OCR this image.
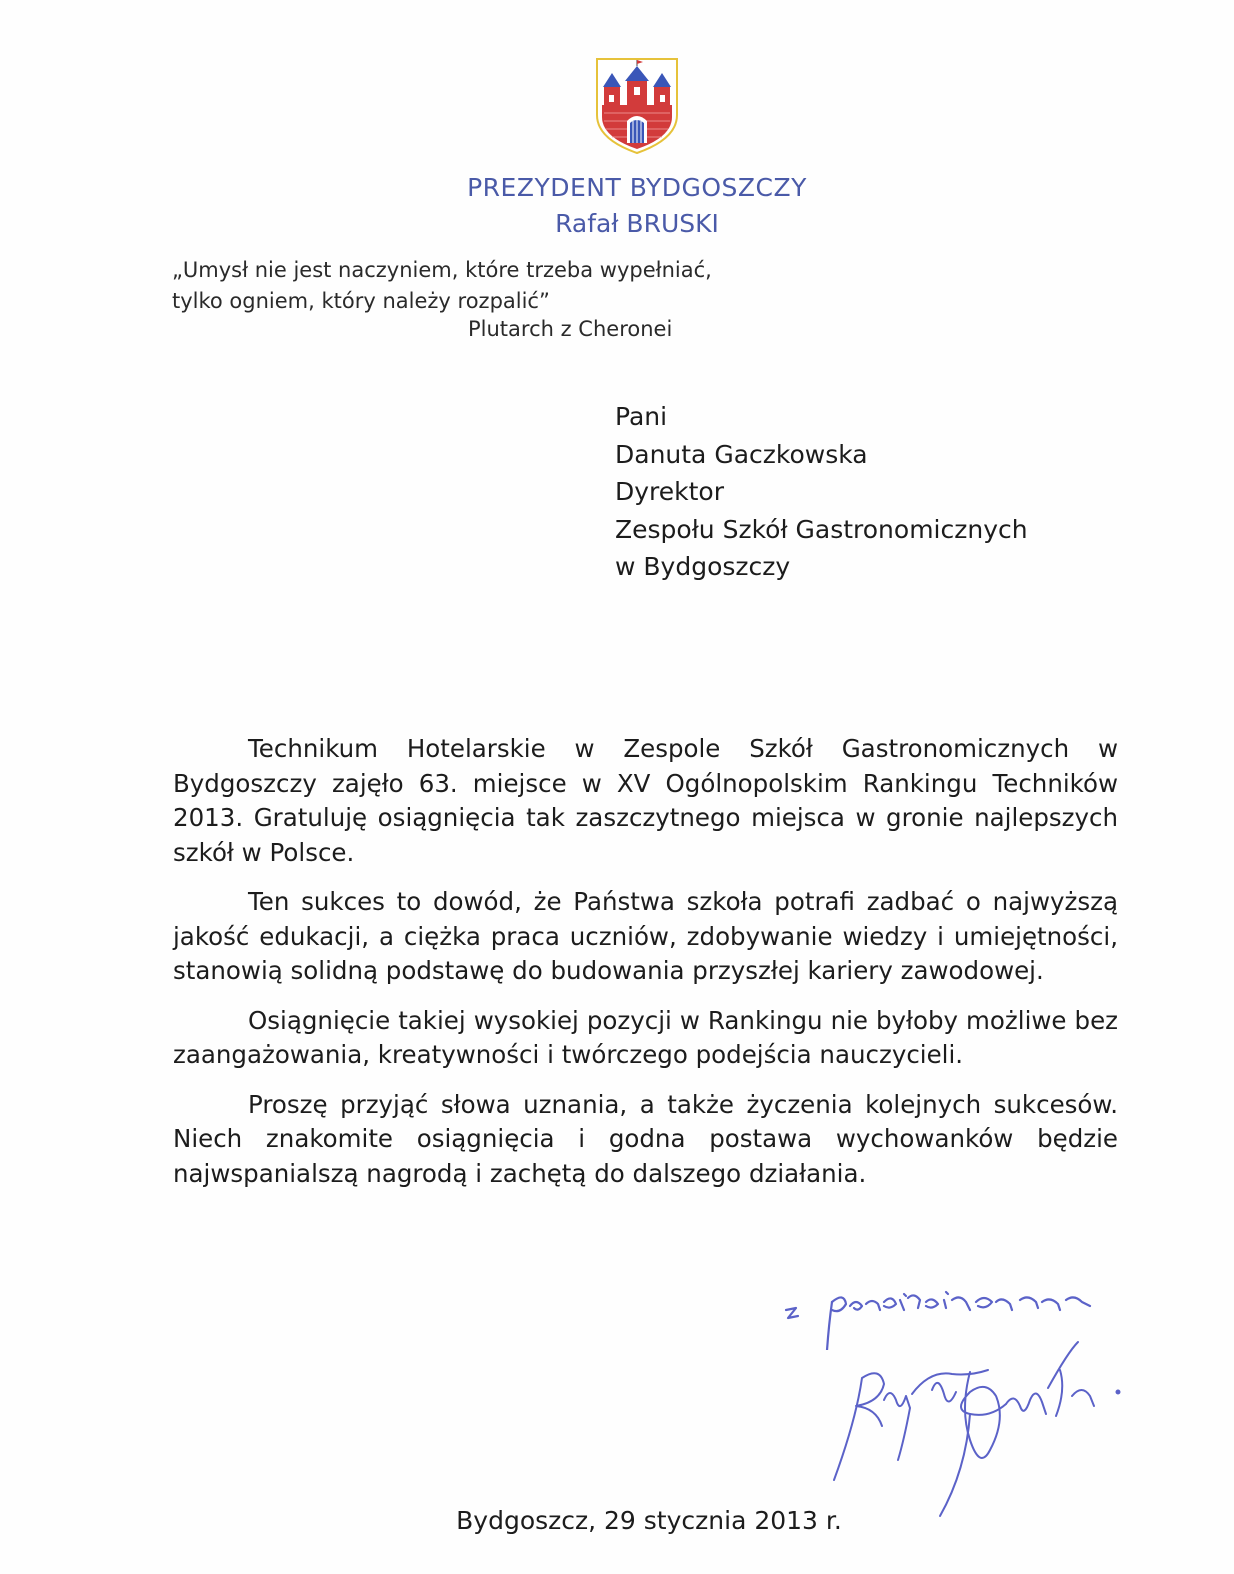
PREZYDENT BYDGOSZCZY
Rafał BRUSKI
„Umysł nie jest naczyniem, które trzeba wypełniać,
tylko ogniem, który należy rozpalić”
Plutarch z Cheronei
Pani
Danuta Gaczkowska
Dyrektor
Zespołu Szkół Gastronomicznych
w Bydgoszczy

Technikum Hotelarskie w Zespole Szkół Gastronomicznych w Bydgoszczy zajęło 63. miejsce w XV Ogólnopolskim Rankingu Techników 2013. Gratuluję osiągnięcia tak zaszczytnego miejsca w gronie najlepszych szkół w Polsce.

Ten sukces to dowód, że Państwa szkoła potrafi zadbać o najwyższą jakość edukacji, a ciężka praca uczniów, zdobywanie wiedzy i umiejętności, stanowią solidną podstawę do budowania przyszłej kariery zawodowej.

Osiągnięcie takiej wysokiej pozycji w Rankingu nie byłoby możliwe bez zaangażowania, kreatywności i twórczego podejścia nauczycieli.

Proszę przyjąć słowa uznania, a także życzenia kolejnych sukcesów. Niech znakomite osiągnięcia i godna postawa wychowanków będzie najwspanialszą nagrodą i zachętą do dalszego działania.

Bydgoszcz, 29 stycznia 2013 r.
